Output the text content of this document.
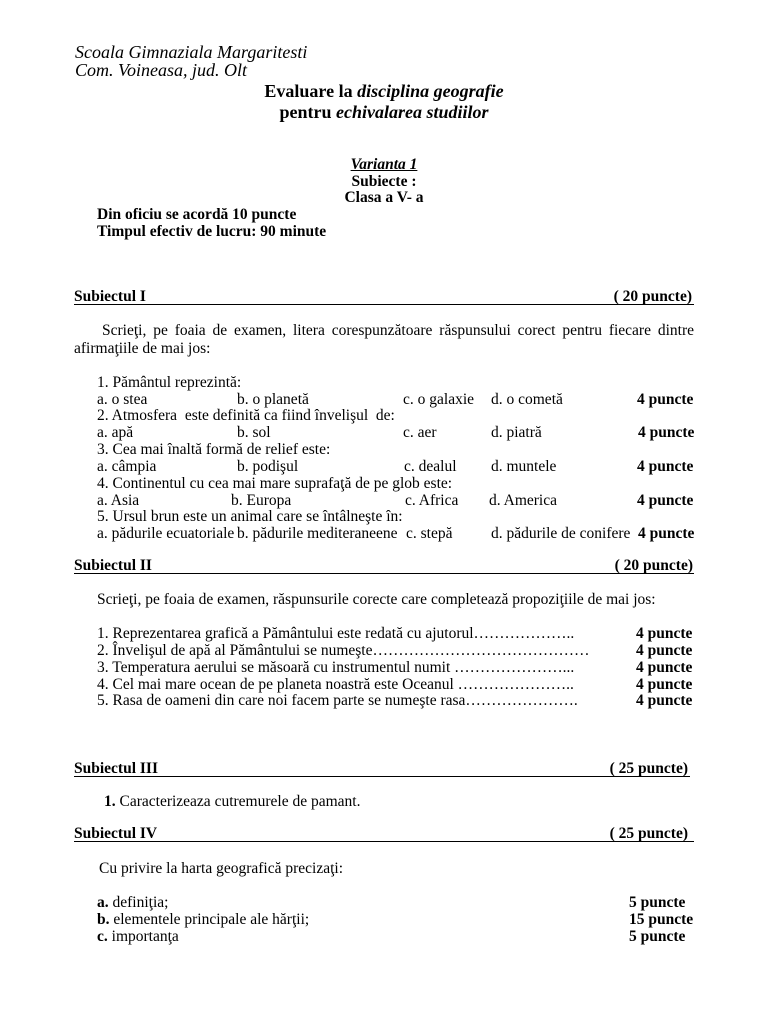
Scoala Gimnaziala Margaritesti
Com. Voineasa, jud. Olt
Evaluare la disciplina geografie
pentru echivalarea studiilor
Varianta 1
Subiecte :
Clasa a V- a
Din oficiu se acordă 10 puncte
Timpul efectiv de lucru: 90 minute
Subiectul I	( 20 puncte)
Scrieţi, pe foaia de examen, litera corespunzătoare răspunsului corect pentru fiecare dintre afirmaţiile de mai jos:
1. Pământul reprezintă:
a. o stea	b. o planetă	c. o galaxie d. o cometă	4 puncte
2. Atmosfera  este definită ca fiind învelişul  de:
a. apă	b. sol	c. aer	d. piatră	4 puncte
3. Cea mai înaltă formă de relief este:
a. câmpia	b. podişul	c. dealul d. muntele	4 puncte
4. Continentul cu cea mai mare suprafaţă de pe glob este:
a. Asia	b. Europa	c. Africa d. America	4 puncte
5. Ursul brun este un animal care se întâlneşte în:
a. pădurile ecuatoriale b. pădurile mediteraneene c. stepă d. pădurile de conifere 4 puncte
Subiectul II	( 20 puncte)
Scrieţi, pe foaia de examen, răspunsurile corecte care completează propoziţiile de mai jos:
1. Reprezentarea grafică a Pământului este redată cu ajutorul………………..	4 puncte
2. Învelişul de apă al Pământului se numeşte……………………………………	4 puncte
3. Temperatura aerului se măsoară cu instrumentul numit …………………...	4 puncte
4. Cel mai mare ocean de pe planeta noastră este Oceanul …………………..	4 puncte
5. Rasa de oameni din care noi facem parte se numeşte rasa………………….	4 puncte
Subiectul III	( 25 puncte)
1. Caracterizeaza cutremurele de pamant.
Subiectul IV	( 25 puncte)
Cu privire la harta geografică precizaţi:
a. definiţia;	5 puncte
b. elementele principale ale hărţii;	15 puncte
c. importanţa	5 puncte
